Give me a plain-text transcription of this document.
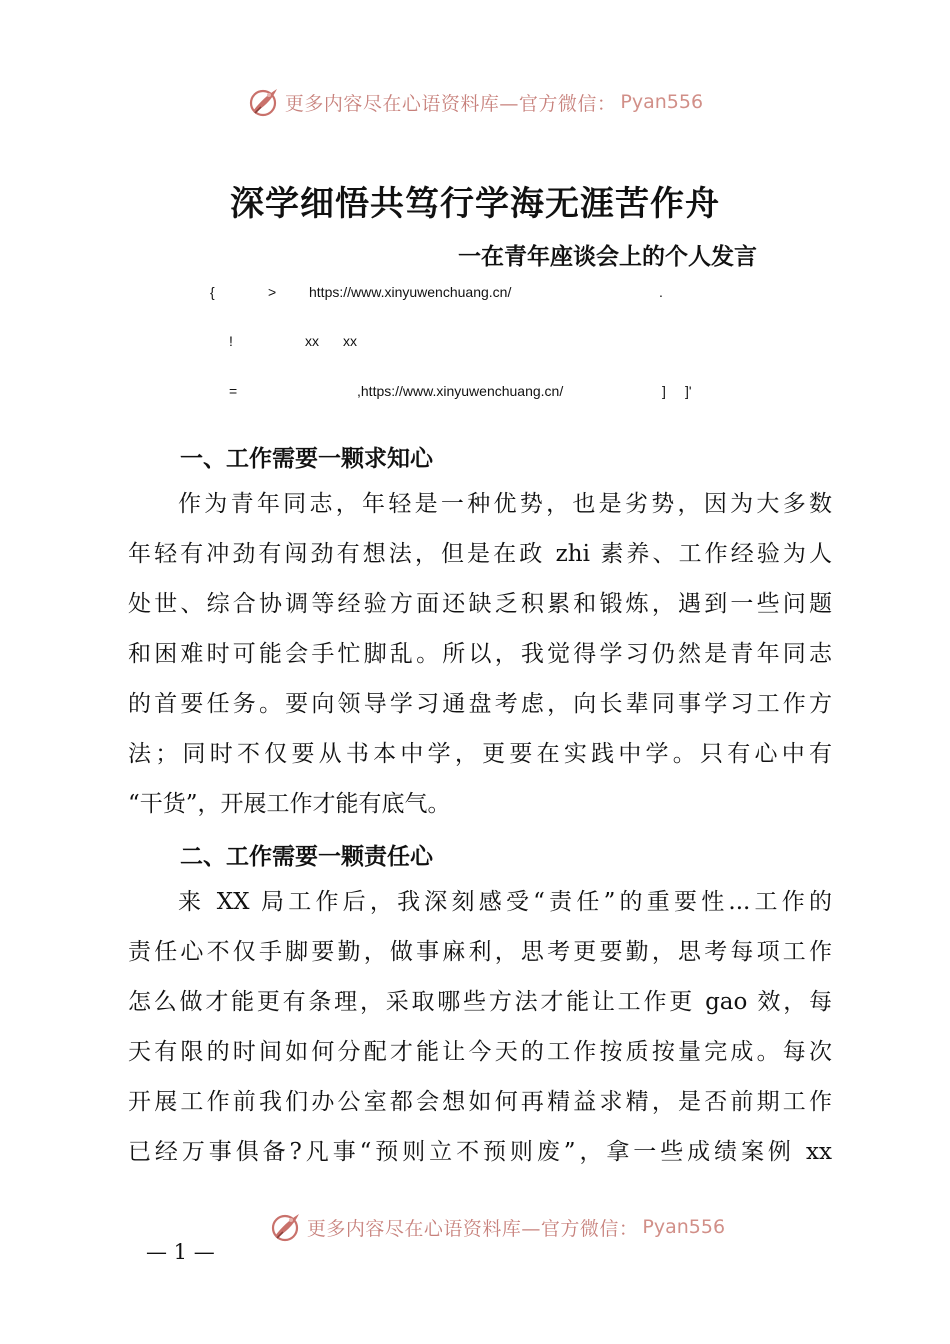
更多内容尽在心语资料库—官方微信： Pyan556
深学细悟共笃行学海无涯苦作舟
一在青年座谈会上的个人发言
{	> https://www.xinyuwenchuang.cn/	.
!	xx xx
=	,https://www.xinyuwenchuang.cn/	] ]'
一、工作需要一颗求知心
作为青年同志，年轻是一种优势，也是劣势，因为大多数
年轻有冲劲有闯劲有想法，但是在政 zhi 素养、工作经验为人
处世、综合协调等经验方面还缺乏积累和锻炼，遇到一些问题
和困难时可能会手忙脚乱。所以，我觉得学习仍然是青年同志
的首要任务。要向领导学习通盘考虑，向长辈同事学习工作方
法；同时不仅要从书本中学，更要在实践中学。只有心中有
“干货”，开展工作才能有底气。
二、工作需要一颗责任心
来 XX 局工作后，我深刻感受“责任”的重要性...工作的
责任心不仅手脚要勤，做事麻利，思考更要勤，思考每项工作
怎么做才能更有条理，采取哪些方法才能让工作更 gao 效，每
天有限的时间如何分配才能让今天的工作按质按量完成。每次
开展工作前我们办公室都会想如何再精益求精，是否前期工作
已经万事俱备?凡事“预则立不预则废”，拿一些成绩案例 xx
更多内容尽在心语资料库—官方微信： Pyan556
— 1 —
